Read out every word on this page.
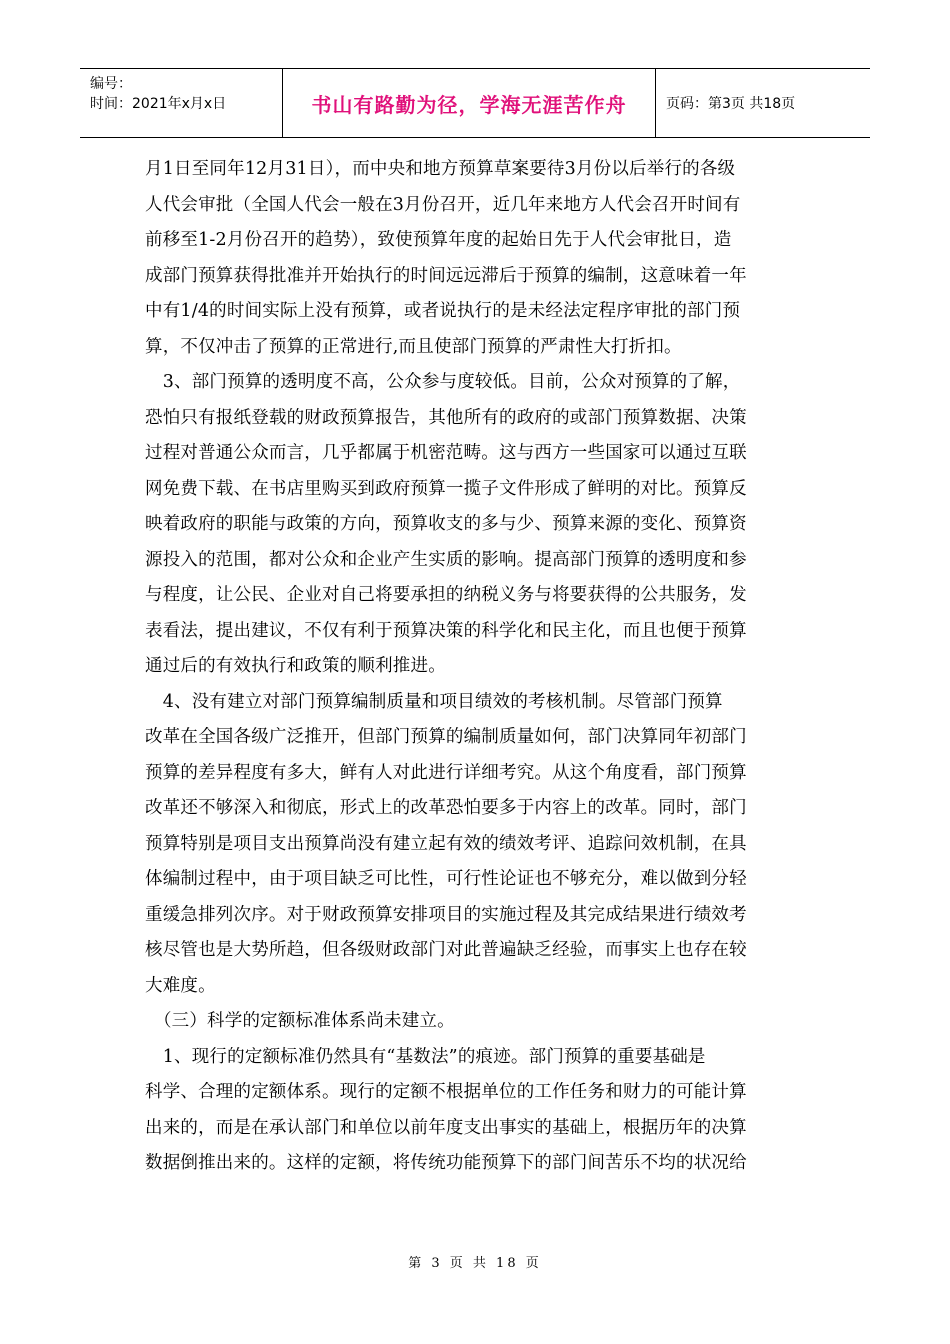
编号：
时间：2021年x月x日	书山有路勤为径，学海无涯苦作舟	页码：第3页 共18页
月1日至同年12月31日），而中央和地方预算草案要待3月份以后举行的各级
人代会审批（全国人代会一般在3月份召开，近几年来地方人代会召开时间有
前移至1-2月份召开的趋势），致使预算年度的起始日先于人代会审批日，造
成部门预算获得批准并开始执行的时间远远滞后于预算的编制，这意味着一年
中有1/4的时间实际上没有预算，或者说执行的是未经法定程序审批的部门预
算，不仅冲击了预算的正常进行,而且使部门预算的严肃性大打折扣。
　3、部门预算的透明度不高，公众参与度较低。目前，公众对预算的了解，
恐怕只有报纸登载的财政预算报告，其他所有的政府的或部门预算数据、决策
过程对普通公众而言，几乎都属于机密范畴。这与西方一些国家可以通过互联
网免费下载、在书店里购买到政府预算一揽子文件形成了鲜明的对比。预算反
映着政府的职能与政策的方向，预算收支的多与少、预算来源的变化、预算资
源投入的范围，都对公众和企业产生实质的影响。提高部门预算的透明度和参
与程度，让公民、企业对自己将要承担的纳税义务与将要获得的公共服务，发
表看法，提出建议，不仅有利于预算决策的科学化和民主化，而且也便于预算
通过后的有效执行和政策的顺利推进。
　4、没有建立对部门预算编制质量和项目绩效的考核机制。尽管部门预算
改革在全国各级广泛推开，但部门预算的编制质量如何，部门决算同年初部门
预算的差异程度有多大，鲜有人对此进行详细考究。从这个角度看，部门预算
改革还不够深入和彻底，形式上的改革恐怕要多于内容上的改革。同时，部门
预算特别是项目支出预算尚没有建立起有效的绩效考评、追踪问效机制，在具
体编制过程中，由于项目缺乏可比性，可行性论证也不够充分，难以做到分轻
重缓急排列次序。对于财政预算安排项目的实施过程及其完成结果进行绩效考
核尽管也是大势所趋，但各级财政部门对此普遍缺乏经验，而事实上也存在较
大难度。
　（三）科学的定额标准体系尚未建立。
　1、现行的定额标准仍然具有“基数法”的痕迹。部门预算的重要基础是
科学、合理的定额体系。现行的定额不根据单位的工作任务和财力的可能计算
出来的，而是在承认部门和单位以前年度支出事实的基础上，根据历年的决算
数据倒推出来的。这样的定额，将传统功能预算下的部门间苦乐不均的状况给
第 3 页 共 18 页
